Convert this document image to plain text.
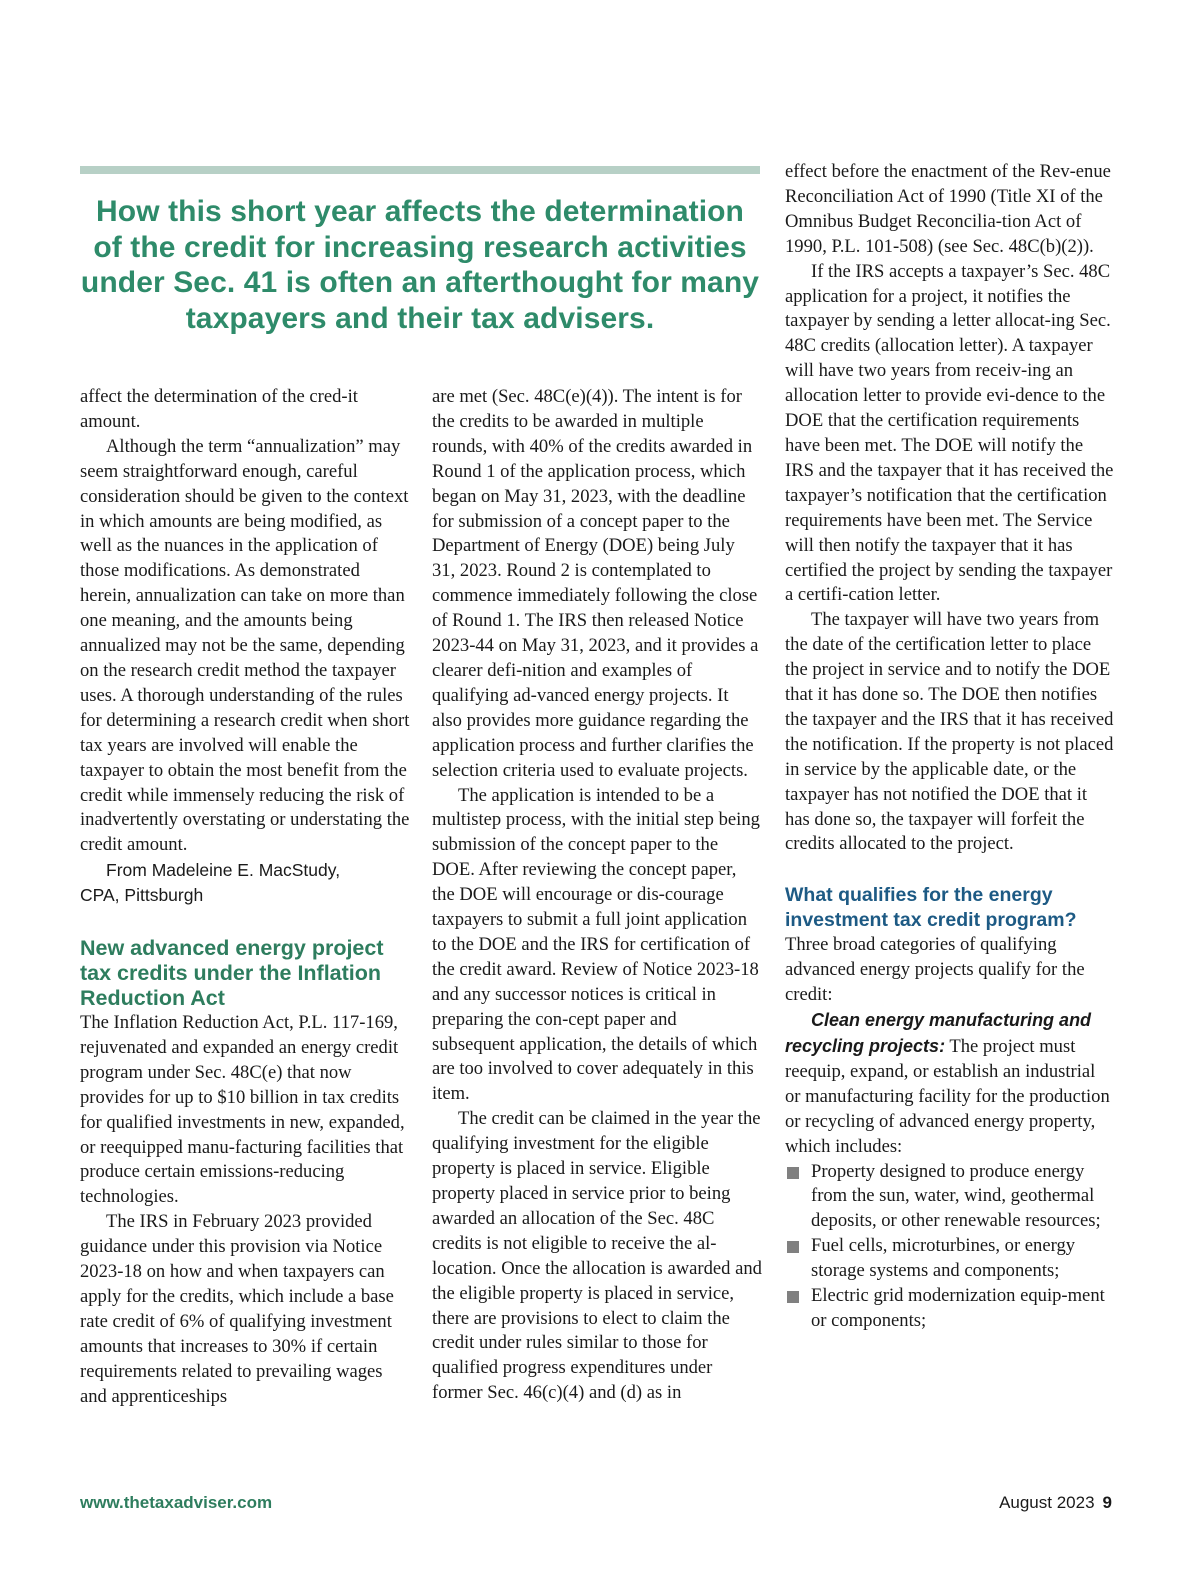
How this short year affects the determination of the credit for increasing research activities under Sec. 41 is often an afterthought for many taxpayers and their tax advisers.

affect the determination of the cred-it amount.

Although the term “annualization” may seem straightforward enough, careful consideration should be given to the context in which amounts are being modified, as well as the nuances in the application of those modifications. As demonstrated herein, annualization can take on more than one meaning, and the amounts being annualized may not be the same, depending on the research credit method the taxpayer uses. A thorough understanding of the rules for determining a research credit when short tax years are involved will enable the taxpayer to obtain the most benefit from the credit while immensely reducing the risk of inadvertently overstating or understating the credit amount.

From Madeleine E. MacStudy,

CPA, Pittsburgh

New advanced energy project tax credits under the Inflation Reduction Act

The Inflation Reduction Act, P.L. 117-169, rejuvenated and expanded an energy credit program under Sec. 48C(e) that now provides for up to $10 billion in tax credits for qualified investments in new, expanded, or reequipped manu-facturing facilities that produce certain emissions-reducing technologies.

The IRS in February 2023 provided guidance under this provision via Notice 2023-18 on how and when taxpayers can apply for the credits, which include a base rate credit of 6% of qualifying investment amounts that increases to 30% if certain requirements related to prevailing wages and apprenticeships

are met (Sec. 48C(e)(4)). The intent is for the credits to be awarded in multiple rounds, with 40% of the credits awarded in Round 1 of the application process, which began on May 31, 2023, with the deadline for submission of a concept paper to the Department of Energy (DOE) being July 31, 2023. Round 2 is contemplated to commence immediately following the close of Round 1. The IRS then released Notice 2023-44 on May 31, 2023, and it provides a clearer defi-nition and examples of qualifying ad-vanced energy projects. It also provides more guidance regarding the application process and further clarifies the selection criteria used to evaluate projects.

The application is intended to be a multistep process, with the initial step being submission of the concept paper to the DOE. After reviewing the concept paper, the DOE will encourage or dis-courage taxpayers to submit a full joint application to the DOE and the IRS for certification of the credit award. Review of Notice 2023-18 and any successor notices is critical in preparing the con-cept paper and subsequent application, the details of which are too involved to cover adequately in this item.

The credit can be claimed in the year the qualifying investment for the eligible property is placed in service. Eligible property placed in service prior to being awarded an allocation of the Sec. 48C credits is not eligible to receive the al-location. Once the allocation is awarded and the eligible property is placed in service, there are provisions to elect to claim the credit under rules similar to those for qualified progress expenditures under former Sec. 46(c)(4) and (d) as in

effect before the enactment of the Rev-enue Reconciliation Act of 1990 (Title XI of the Omnibus Budget Reconcilia-tion Act of 1990, P.L. 101-508) (see Sec. 48C(b)(2)).

If the IRS accepts a taxpayer’s Sec. 48C application for a project, it notifies the taxpayer by sending a letter allocat-ing Sec. 48C credits (allocation letter). A taxpayer will have two years from receiv-ing an allocation letter to provide evi-dence to the DOE that the certification requirements have been met. The DOE will notify the IRS and the taxpayer that it has received the taxpayer’s notification that the certification requirements have been met. The Service will then notify the taxpayer that it has certified the project by sending the taxpayer a certifi-cation letter.

The taxpayer will have two years from the date of the certification letter to place the project in service and to notify the DOE that it has done so. The DOE then notifies the taxpayer and the IRS that it has received the notification. If the property is not placed in service by the applicable date, or the taxpayer has not notified the DOE that it has done so, the taxpayer will forfeit the credits allocated to the project.

What qualifies for the energy investment tax credit program?

Three broad categories of qualifying advanced energy projects qualify for the credit:

Clean energy manufacturing and recycling projects: The project must reequip, expand, or establish an industrial or manufacturing facility for the production or recycling of advanced energy property, which includes:

Property designed to produce energy from the sun, water, wind, geothermal deposits, or other renewable resources;
Fuel cells, microturbines, or energy storage systems and components;
Electric grid modernization equip-ment or components;
www.thetaxadviser.com	August 2023 9
